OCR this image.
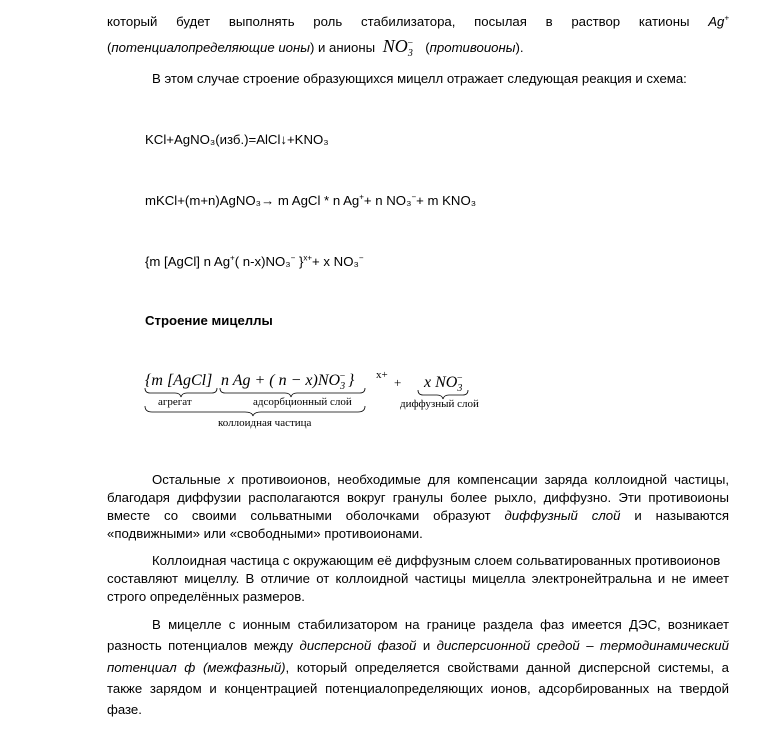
который будет выполнять роль стабилизатора, посылая в раствор катионы Ag+
(потенциалопределяющие ионы) и анионы $NO_3^-$ (противоионы).
В этом случае строение образующихся мицелл отражает следующая реакция и схема:
KCl+AgNO₃(изб.)=AlCl↓+KNO₃
mKCl+(m+n)AgNO₃→ m AgCl * n Ag++ n NO₃−+ m KNO₃
{m [AgCl] n Ag+( n-x)NO₃− }$^{x+}$+ x NO₃−
Строение мицеллы
{m [AgCl] n Ag + ( $n - x)NO_3-$ } x+ + x $NO_3-$
агрегат	адсорбционный слой	диффузный слой
коллоидная частица
Остальные x противоионов, необходимые для компенсации заряда коллоидной частицы,
благодаря диффузии располагаются вокруг гранулы более рыхло, диффузно. Эти противоионы
вместе со своими сольватными оболочками образуют диффузный слой и называются
«подвижными» или «свободными» противоионами.
Коллоидная частица с окружающим её диффузным слоем сольватированных противоионов
составляют мицеллу. В отличие от коллоидной частицы мицелла электронейтральна и не имеет
строго определённых размеров.
В мицелле с ионным стабилизатором на границе раздела фаз имеется ДЭС, возникает
разность потенциалов между дисперсной фазой и дисперсионной средой – термодинамический
потенциал ф (межфазный), который определяется свойствами данной дисперсной системы, а
также зарядом и концентрацией потенциалопределяющих ионов, адсорбированных на твердой
фазе.
